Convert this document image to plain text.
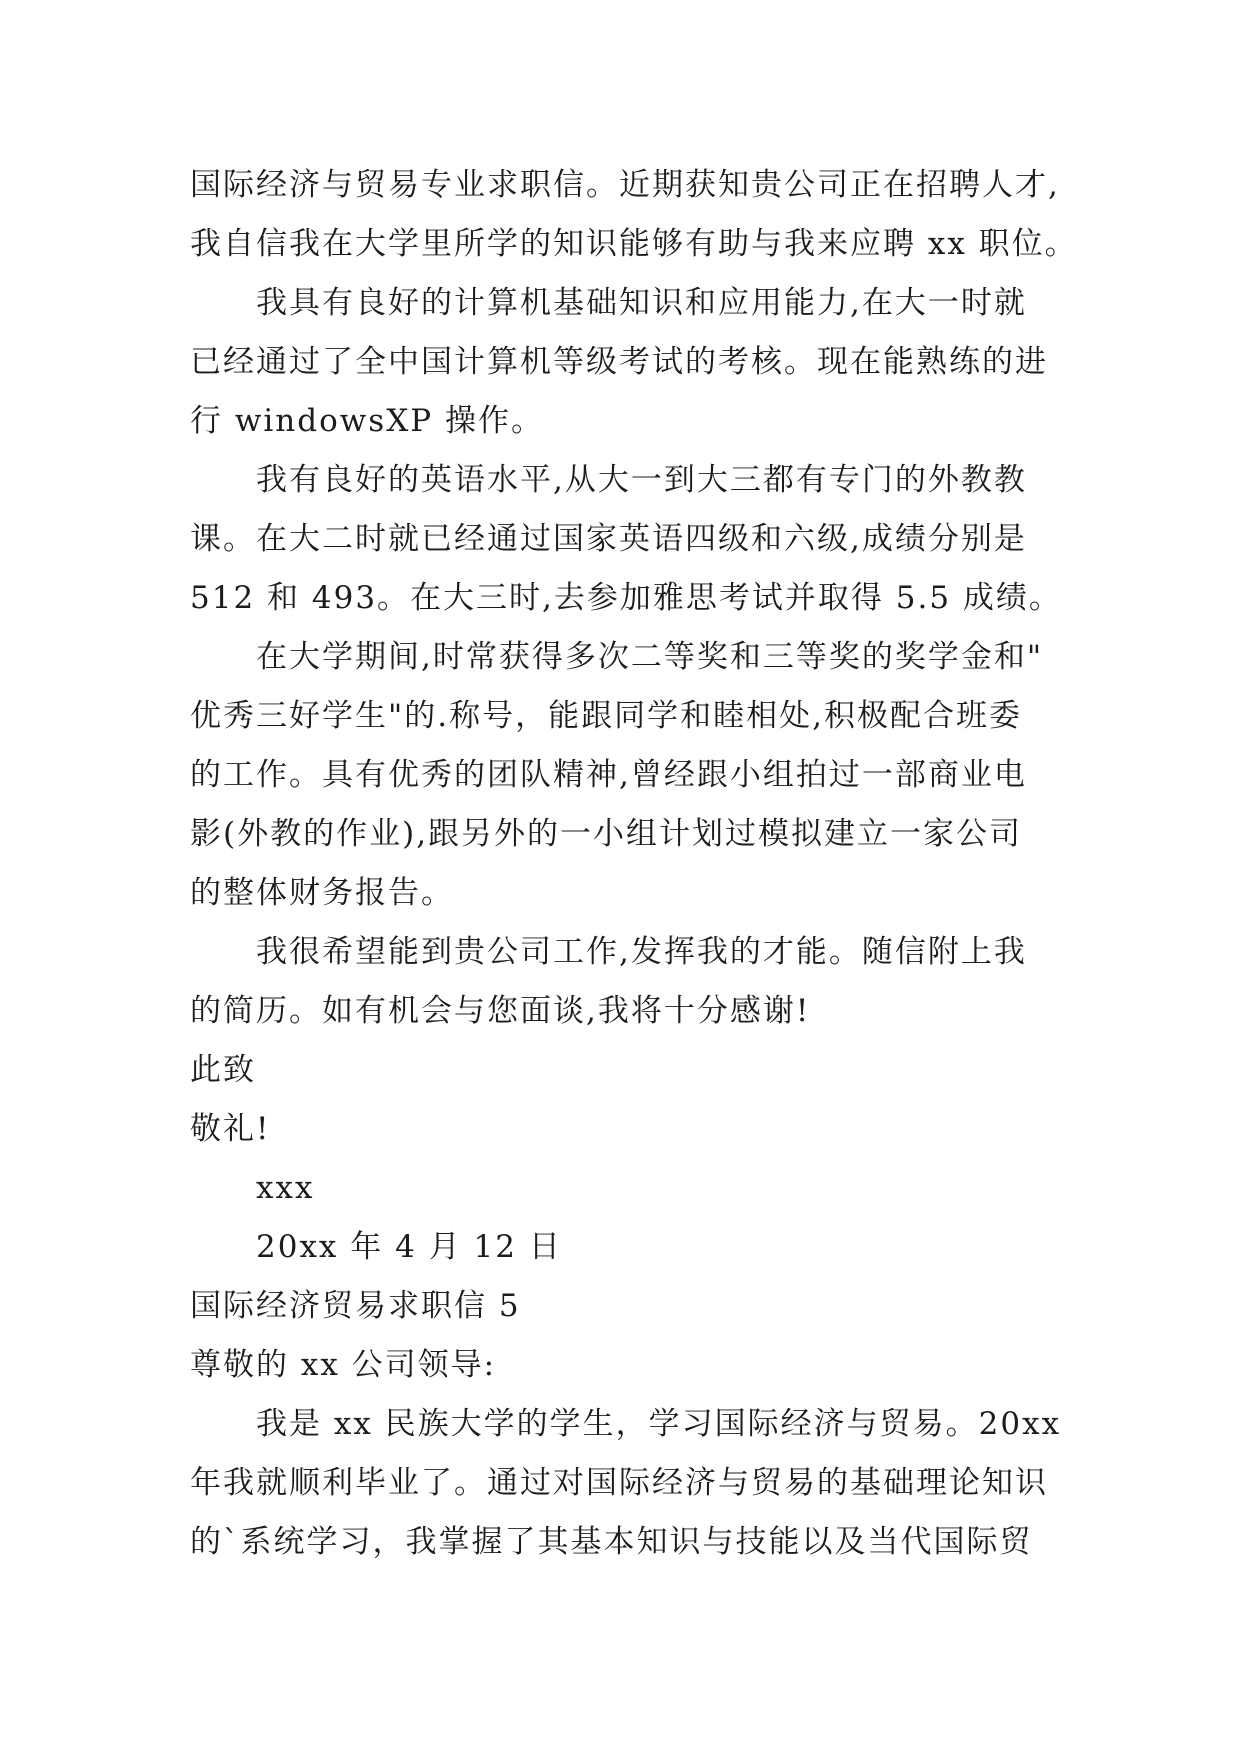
国际经济与贸易专业求职信。近期获知贵公司正在招聘人才,
我自信我在大学里所学的知识能够有助与我来应聘 xx 职位。
我具有良好的计算机基础知识和应用能力,在大一时就
已经通过了全中国计算机等级考试的考核。现在能熟练的进
行 windowsXP 操作。
我有良好的英语水平,从大一到大三都有专门的外教教
课。在大二时就已经通过国家英语四级和六级,成绩分别是
512 和 493。在大三时,去参加雅思考试并取得 5.5 成绩。
在大学期间,时常获得多次二等奖和三等奖的奖学金和"
优秀三好学生"的.称号，能跟同学和睦相处,积极配合班委
的工作。具有优秀的团队精神,曾经跟小组拍过一部商业电
影(外教的作业),跟另外的一小组计划过模拟建立一家公司
的整体财务报告。
我很希望能到贵公司工作,发挥我的才能。随信附上我
的简历。如有机会与您面谈,我将十分感谢!
此致
敬礼!
xxx
20xx 年 4 月 12 日
国际经济贸易求职信 5
尊敬的 xx 公司领导:
我是 xx 民族大学的学生，学习国际经济与贸易。20xx
年我就顺利毕业了。通过对国际经济与贸易的基础理论知识
的`系统学习，我掌握了其基本知识与技能以及当代国际贸
